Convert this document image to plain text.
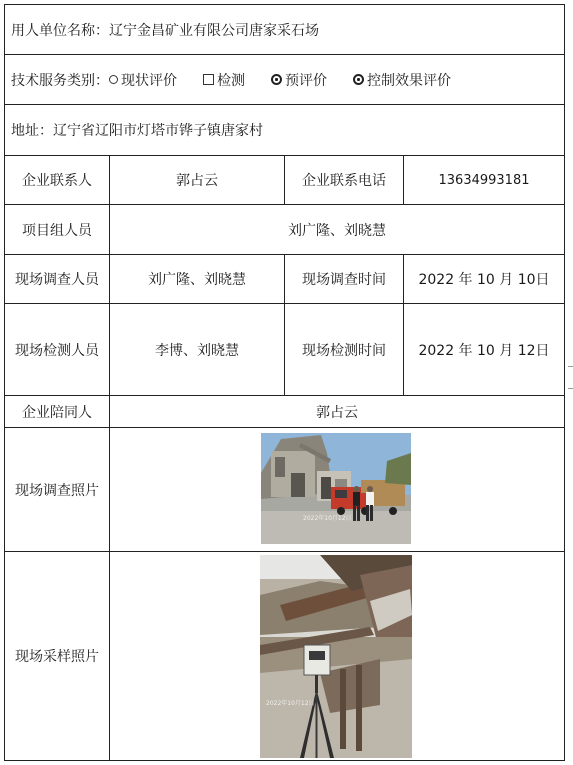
用人单位名称： 辽宁金昌矿业有限公司唐家采石场
技术服务类别： 现状评价	检测	预评价	控制效果评价
地址： 辽宁省辽阳市灯塔市铧子镇唐家村
企业联系人	郭占云	企业联系电话	13634993181
项目组人员	刘广隆、刘晓慧
现场调查人员	刘广隆、刘晓慧	现场调查时间	2022 年 10 月 10日
现场检测人员	李博、刘晓慧	现场检测时间	2022 年 10 月 12日
企业陪同人	郭占云
现场调查照片
现场采样照片
2022年10月12日
2022年10月12日
